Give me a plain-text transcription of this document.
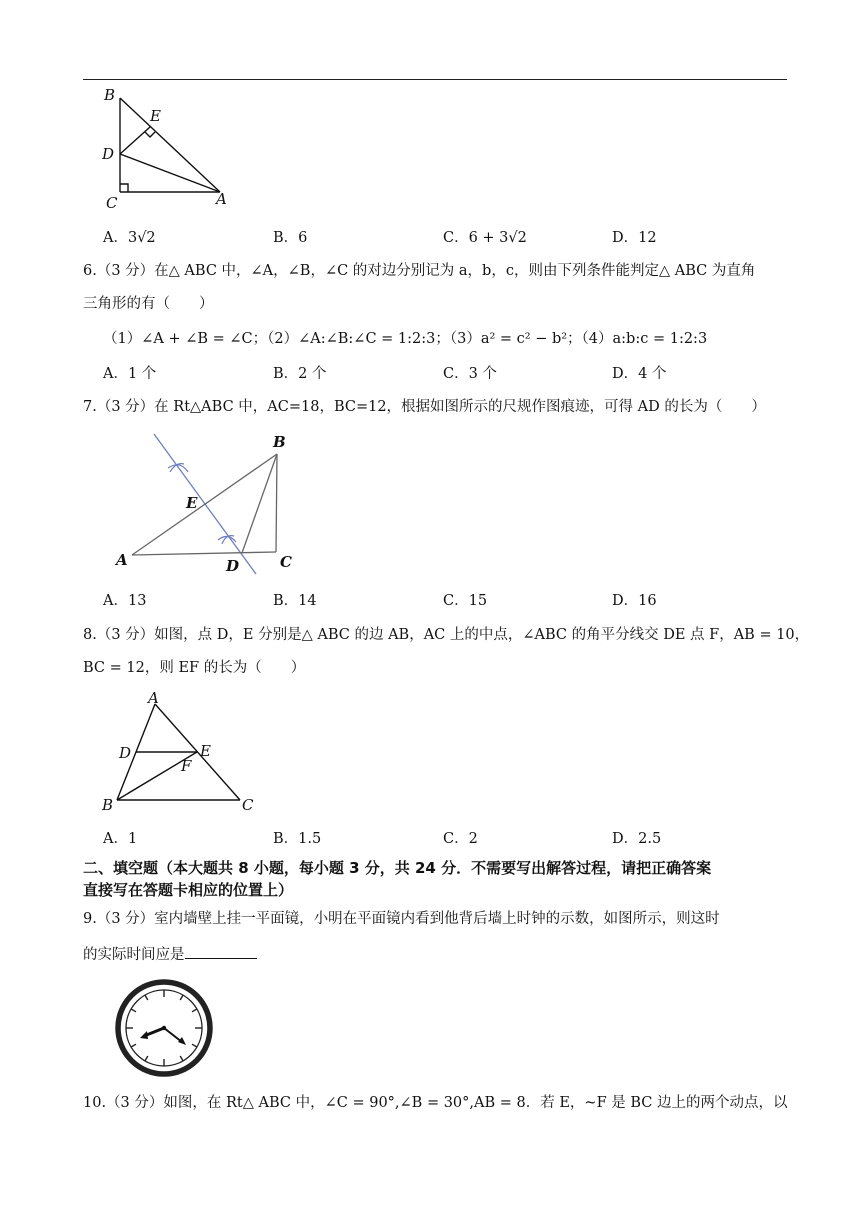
B
E
D
C	A
A．3√2	B．6	C．6 + 3√2	D．12
6.（3 分）在△ ABC 中，∠A，∠B，∠C 的对边分别记为 a，b，c，则由下列条件能判定△ ABC 为直角
三角形的有（　　）
（1）∠A + ∠B = ∠C；（2）∠A:∠B:∠C = 1:2:3；（3）a² = c² − b²；（4）a:b:c = 1:2:3
A．1 个	B．2 个	C．3 个	D．4 个
7.（3 分）在 Rt△ABC 中，AC=18，BC=12，根据如图所示的尺规作图痕迹，可得 AD 的长为（　　）
B
E
A	D	C
A．13	B．14	C．15	D．16
8.（3 分）如图，点 D，E 分别是△ ABC 的边 AB，AC 上的中点，∠ABC 的角平分线交 DE 点 F，AB = 10，
BC = 12，则 EF 的长为（　　）
A
D	E
F
B	C
A．1	B．1.5	C．2	D．2.5
二、填空题（本大题共 8 小题，每小题 3 分，共 24 分．不需要写出解答过程，请把正确答案
直接写在答题卡相应的位置上）
9.（3 分）室内墙壁上挂一平面镜，小明在平面镜内看到他背后墙上时钟的示数，如图所示，则这时
的实际时间应是
10.（3 分）如图，在 Rt△ ABC 中，∠C = 90°,∠B = 30°,AB = 8．若 E，~F 是 BC 边上的两个动点，以
